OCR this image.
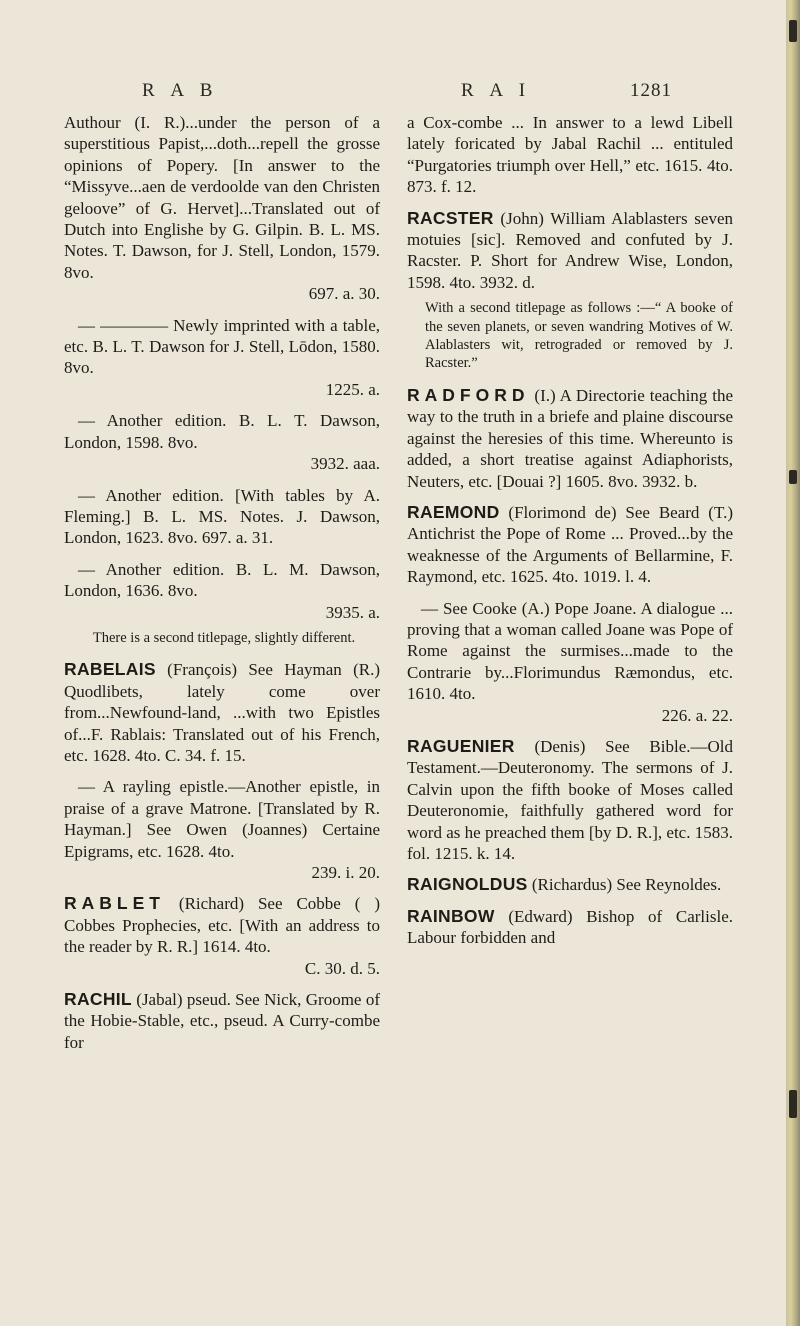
R A B	R A I	1281
Authour (I. R.)...under the person of a superstitious Papist,...doth...repell the grosse opinions of Popery. [In answer to the “Missyve...aen de verdoolde van den Christen geloove” of G. Hervet]...Translated out of Dutch into Englishe by G. Gilpin. B. L. MS. Notes. T. Dawson, for J. Stell, London, 1579. 8vo.
697. a. 30.
— ———— Newly imprinted with a table, etc. B. L. T. Dawson for J. Stell, Lōdon, 1580. 8vo.
1225. a.
— Another edition. B. L. T. Dawson, London, 1598. 8vo.
3932. aaa.
— Another edition. [With tables by A. Fleming.] B. L. MS. Notes. J. Dawson, London, 1623. 8vo. 697. a. 31.
— Another edition. B. L. M. Dawson, London, 1636. 8vo.
3935. a.
There is a second titlepage, slightly different.
RABELAIS (François) See Hayman (R.) Quodlibets, lately come over from...Newfound-land, ...with two Epistles of...F. Rablais: Translated out of his French, etc. 1628. 4to. C. 34. f. 15.
— A rayling epistle.—Another epistle, in praise of a grave Matrone. [Translated by R. Hayman.] See Owen (Joannes) Certaine Epigrams, etc. 1628. 4to.
239. i. 20.
RABLET (Richard) See Cobbe ( ) Cobbes Prophecies, etc. [With an address to the reader by R. R.] 1614. 4to.
C. 30. d. 5.
RACHIL (Jabal) pseud. See Nick, Groome of the Hobie-Stable, etc., pseud. A Curry-combe for
a Cox-combe ... In answer to a lewd Libell lately foricated by Jabal Rachil ... entituled “Purgatories triumph over Hell,” etc. 1615. 4to. 873. f. 12.
RACSTER (John) William Alablasters seven motuies [sic]. Removed and confuted by J. Racster. P. Short for Andrew Wise, London, 1598. 4to. 3932. d.
With a second titlepage as follows :—“ A booke of the seven planets, or seven wandring Motives of W. Alablasters wit, retrograded or removed by J. Racster.”
RADFORD (I.) A Directorie teaching the way to the truth in a briefe and plaine discourse against the heresies of this time. Whereunto is added, a short treatise against Adiaphorists, Neuters, etc. [Douai ?] 1605. 8vo. 3932. b.
RAEMOND (Florimond de) See Beard (T.) Antichrist the Pope of Rome ... Proved...by the weaknesse of the Arguments of Bellarmine, F. Raymond, etc. 1625. 4to. 1019. l. 4.
— See Cooke (A.) Pope Joane. A dialogue ... proving that a woman called Joane was Pope of Rome against the surmises...made to the Contrarie by...Florimundus Ræmondus, etc. 1610. 4to.
226. a. 22.
RAGUENIER (Denis) See Bible.—Old Testament.—Deuteronomy. The sermons of J. Calvin upon the fifth booke of Moses called Deuteronomie, faithfully gathered word for word as he preached them [by D. R.], etc. 1583. fol. 1215. k. 14.
RAIGNOLDUS (Richardus) See Reynoldes.
RAINBOW (Edward) Bishop of Carlisle. Labour forbidden and
